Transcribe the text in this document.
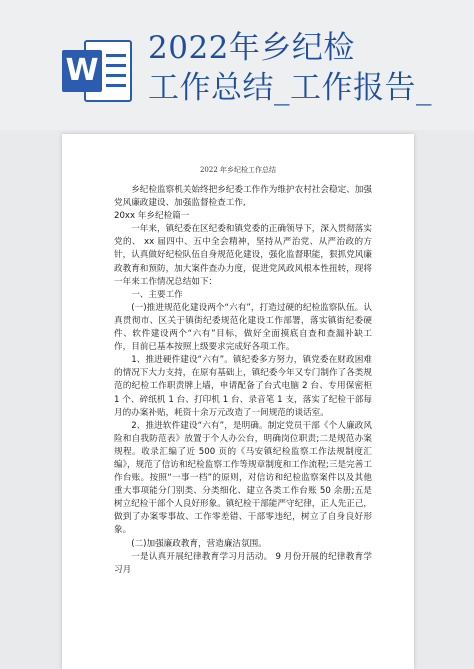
W
2022年乡纪检
工作总结_工作报告_
2022 年乡纪检工作总结

乡纪检监察机关始终把乡纪委工作作为维护农村社会稳定、加强党风廉政建设、加强监督检查工作,

20xx 年乡纪检篇一

一年来，镇纪委在区纪委和镇党委的正确领导下，深入贯彻落实党的、 xx 届四中、五中全会精神，坚持从严治党、从严治政的方针，认真做好纪检队伍自身规范化建设，强化监督职能，狠抓党风廉政教育和预防，加大案件查办力度，促进党风政风根本性扭转，现将一年来工作情况总结如下：

一、主要工作

(一)推进规范化建设两个“六有”，打造过硬的纪检监察队伍。认真贯彻市、区关于镇街纪委规范化建设工作部署，落实镇街纪委硬件、软件建设两个“六有”目标，做好全面摸底自查和查漏补缺工作，目前已基本按照上级要求完成好各项工作。

1、推进硬件建设“六有”。镇纪委多方努力，镇党委在财政困难的情况下大力支持，在原有基础上，镇纪委今年又专门制作了各类规范的纪检工作职责牌上墙，申请配备了台式电脑 2 台、专用保密柜 1 个、碎纸机 1 台、打印机 1 台、录音笔 1 支，落实了纪检干部每月的办案补贴，耗资十余万元改造了一间规范的谈话室。

2、推进软件建设“六有”，是明确。制定党员干部《个人廉政风险和自我防范表》放置于个人办公台，明确岗位职责;二是规范办案规程。收录汇编了近 500 页的《马安镇纪检监察工作法规制度汇编》，规范了信访和纪检监察工作等规章制度和工作流程;三是完善工作台账。按照“一事一档”的原则，对信访和纪检监察案件以及其他重大事项能分门别类、分类细化、建立各类工作台账 50 余册;五是树立纪检干部个人良好形象。镇纪检干部能严守纪律，正人先正己，做到了办案零事故、工作零差错、干部零违纪，树立了自身良好形象。

(二)加强廉政教育，营造廉洁氛围。

一是认真开展纪律教育学习月活动。 9 月份开展的纪律教育学习月
